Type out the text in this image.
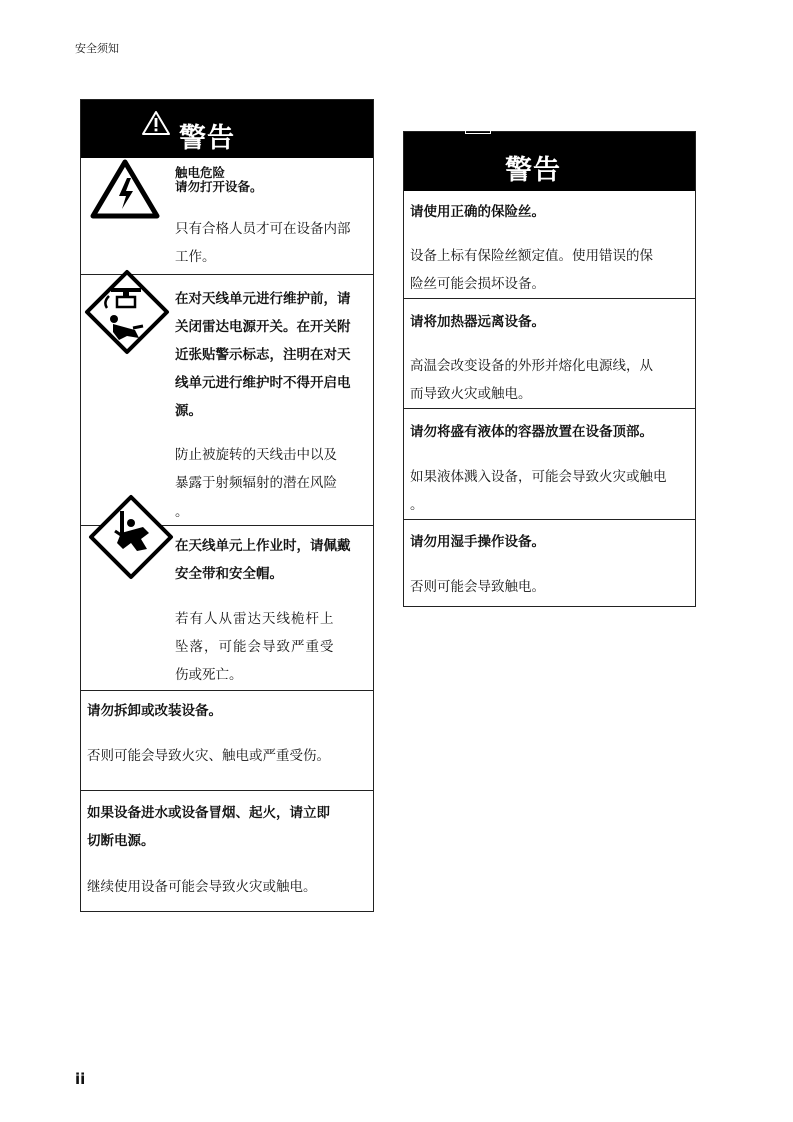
安全须知
警告
触电危险
请勿打开设备。
只有合格人员才可在设备内部
工作。
在对天线单元进行维护前，请
关闭雷达电源开关。在开关附
近张贴警示标志，注明在对天
线单元进行维护时不得开启电
源。
防止被旋转的天线击中以及
暴露于射频辐射的潜在风险
。
在天线单元上作业时，请佩戴
安全带和安全帽。
若有人从雷达天线桅杆上
坠落，可能会导致严重受
伤或死亡。
请勿拆卸或改装设备。
否则可能会导致火灾、触电或严重受伤。
如果设备进水或设备冒烟、起火，请立即
切断电源。
继续使用设备可能会导致火灾或触电。
警告
请使用正确的保险丝。
设备上标有保险丝额定值。使用错误的保
险丝可能会损坏设备。
请将加热器远离设备。
高温会改变设备的外形并熔化电源线，从
而导致火灾或触电。
请勿将盛有液体的容器放置在设备顶部。
如果液体溅入设备，可能会导致火灾或触电
。
请勿用湿手操作设备。
否则可能会导致触电。
ii
